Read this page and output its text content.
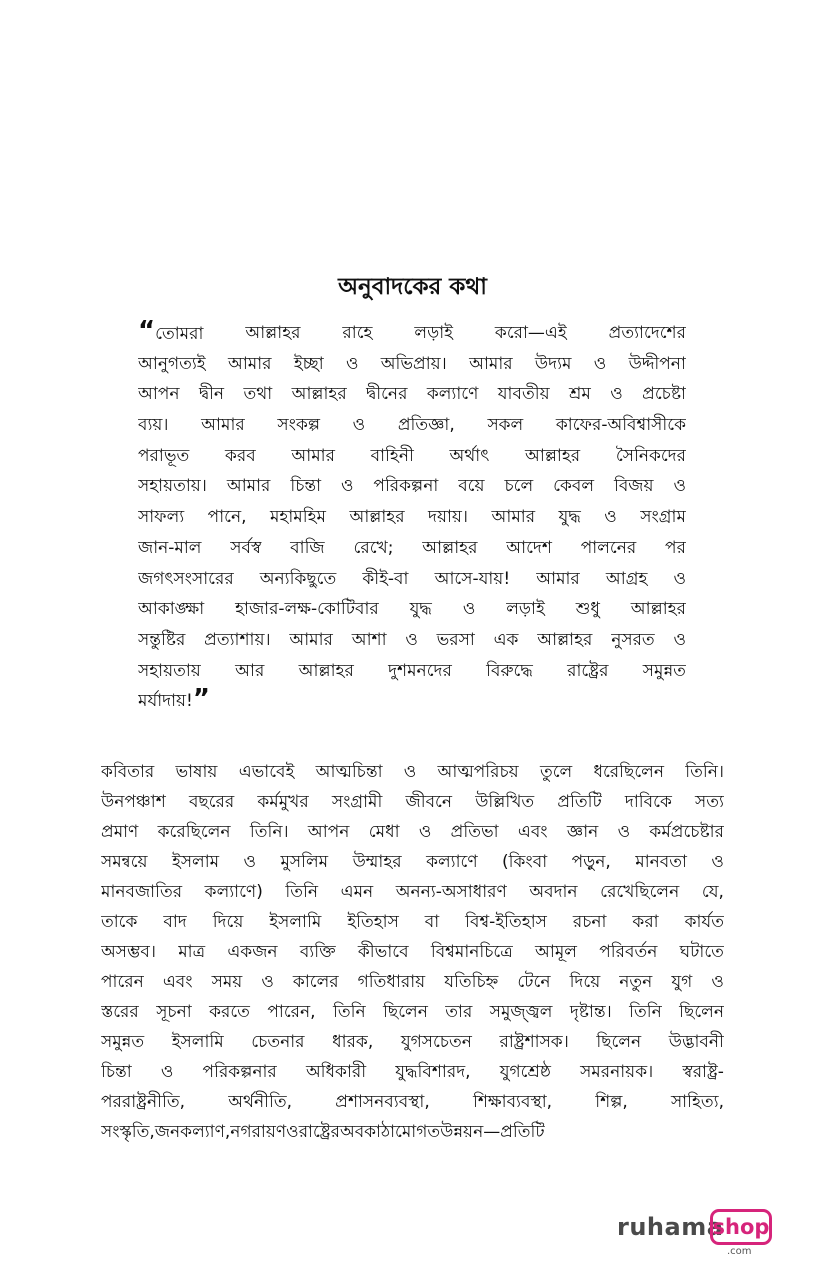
অনুবাদকের কথা
“তোমরা আল্লাহর রাহে লড়াই করো—এই প্রত্যাদেশের
আনুগত্যই আমার ইচ্ছা ও অভিপ্রায়। আমার উদ্যম ও উদ্দীপনা
আপন দ্বীন তথা আল্লাহর দ্বীনের কল্যাণে যাবতীয় শ্রম ও প্রচেষ্টা
ব্যয়। আমার সংকল্প ও প্রতিজ্ঞা, সকল কাফের-অবিশ্বাসীকে
পরাভূত করব আমার বাহিনী অর্থাৎ আল্লাহর সৈনিকদের
সহায়তায়। আমার চিন্তা ও পরিকল্পনা বয়ে চলে কেবল বিজয় ও
সাফল্য পানে, মহামহিম আল্লাহর দয়ায়। আমার যুদ্ধ ও সংগ্রাম
জান-মাল সর্বস্ব বাজি রেখে; আল্লাহর আদেশ পালনের পর
জগৎসংসারের অন্যকিছুতে কীই-বা আসে-যায়! আমার আগ্রহ ও
আকাঙ্ক্ষা হাজার-লক্ষ-কোটিবার যুদ্ধ ও লড়াই শুধু আল্লাহর
সন্তুষ্টির প্রত্যাশায়। আমার আশা ও ভরসা এক আল্লাহর নুসরত ও
সহায়তায় আর আল্লাহর দুশমনদের বিরুদ্ধে রাষ্ট্রের সমুন্নত
মর্যাদায়! ”
কবিতার ভাষায় এভাবেই আত্মচিন্তা ও আত্মপরিচয় তুলে ধরেছিলেন তিনি।
উনপঞ্চাশ বছরের কর্মমুখর সংগ্রামী জীবনে উল্লিখিত প্রতিটি দাবিকে সত্য
প্রমাণ করেছিলেন তিনি। আপন মেধা ও প্রতিভা এবং জ্ঞান ও কর্মপ্রচেষ্টার
সমন্বয়ে ইসলাম ও মুসলিম উম্মাহর কল্যাণে (কিংবা পড়ুন, মানবতা ও
মানবজাতির কল্যাণে) তিনি এমন অনন্য-অসাধারণ অবদান রেখেছিলেন যে,
তাকে বাদ দিয়ে ইসলামি ইতিহাস বা বিশ্ব-ইতিহাস রচনা করা কার্যত
অসম্ভব। মাত্র একজন ব্যক্তি কীভাবে বিশ্বমানচিত্রে আমূল পরিবর্তন ঘটাতে
পারেন এবং সময় ও কালের গতিধারায় যতিচিহ্ন টেনে দিয়ে নতুন যুগ ও
স্তরের সূচনা করতে পারেন, তিনি ছিলেন তার সমুজ্জ্বল দৃষ্টান্ত। তিনি ছিলেন
সমুন্নত ইসলামি চেতনার ধারক, যুগসচেতন রাষ্ট্রশাসক। ছিলেন উদ্ভাবনী
চিন্তা ও পরিকল্পনার অধিকারী যুদ্ধবিশারদ, যুগশ্রেষ্ঠ সমরনায়ক। স্বরাষ্ট্র-
পররাষ্ট্রনীতি,	অর্থনীতি,	প্রশাসনব্যবস্থা,	শিক্ষাব্যবস্থা,	শিল্প,	সাহিত্য,
সংস্কৃতি, জনকল্যাণ, নগরায়ণ ও রাষ্ট্রের অবকাঠামোগত উন্নয়ন—প্রতিটি
ruhama
shop
.com
